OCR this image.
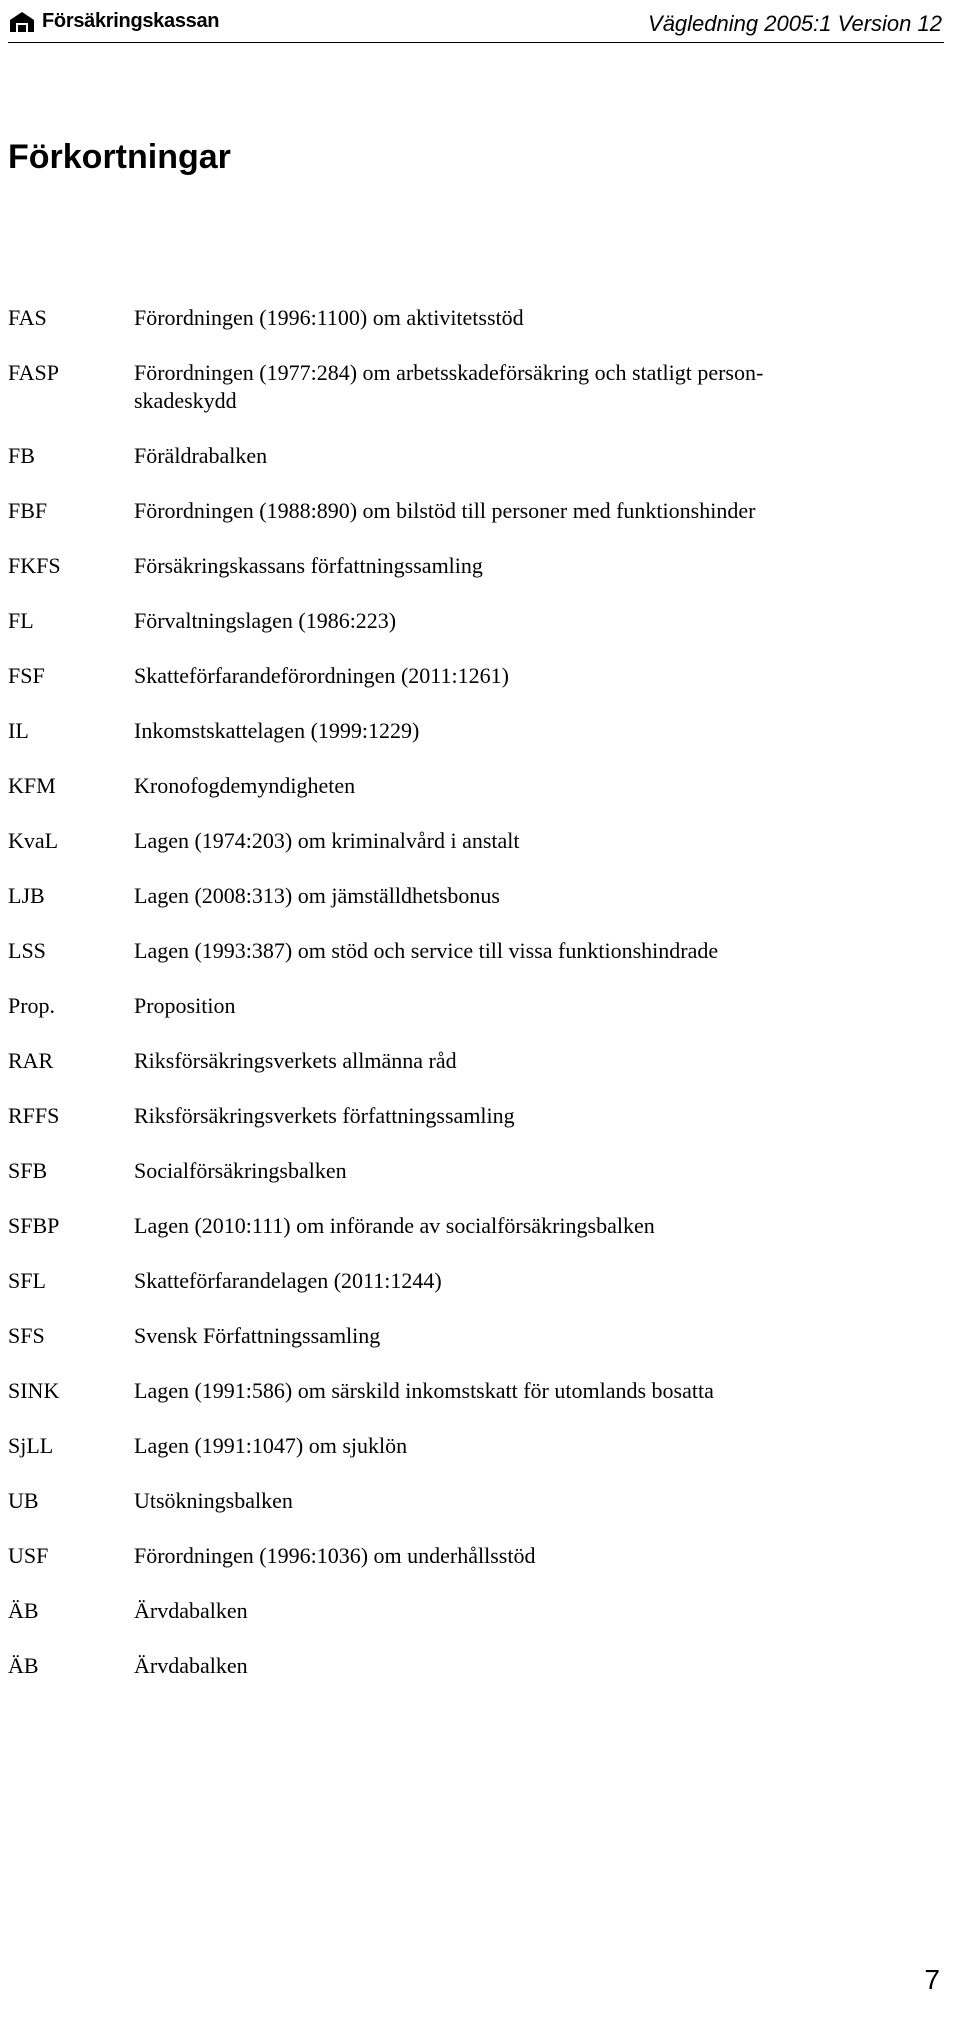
Försäkringskassan	Vägledning 2005:1 Version 12
Förkortningar
FAS	Förordningen (1996:1100) om aktivitetsstöd
FASP	Förordningen (1977:284) om arbetsskadeförsäkring och statligt person-
skadeskydd
FB	Föräldrabalken
FBF	Förordningen (1988:890) om bilstöd till personer med funktionshinder
FKFS	Försäkringskassans författningssamling
FL	Förvaltningslagen (1986:223)
FSF	Skatteförfarandeförordningen (2011:1261)
IL	Inkomstskattelagen (1999:1229)
KFM	Kronofogdemyndigheten
KvaL	Lagen (1974:203) om kriminalvård i anstalt
LJB	Lagen (2008:313) om jämställdhetsbonus
LSS	Lagen (1993:387) om stöd och service till vissa funktionshindrade
Prop.	Proposition
RAR	Riksförsäkringsverkets allmänna råd
RFFS	Riksförsäkringsverkets författningssamling
SFB	Socialförsäkringsbalken
SFBP	Lagen (2010:111) om införande av socialförsäkringsbalken
SFL	Skatteförfarandelagen (2011:1244)
SFS	Svensk Författningssamling
SINK	Lagen (1991:586) om särskild inkomstskatt för utomlands bosatta
SjLL	Lagen (1991:1047) om sjuklön
UB	Utsökningsbalken
USF	Förordningen (1996:1036) om underhållsstöd
ÄB	Ärvdabalken
ÄB	Ärvdabalken
7
